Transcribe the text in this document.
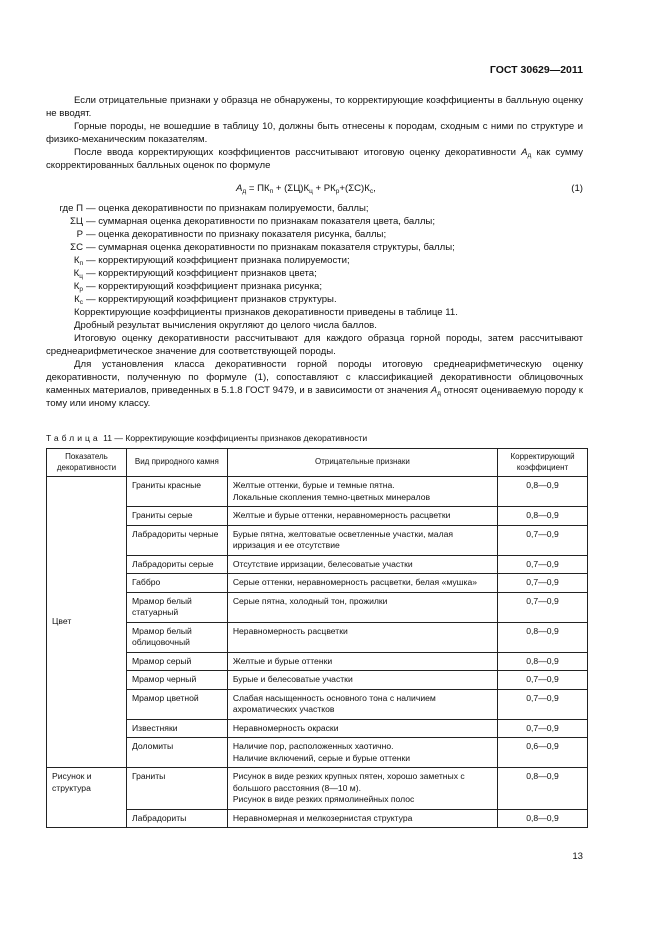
ГОСТ 30629—2011

Если отрицательные признаки у образца не обнаружены, то корректирующие коэффициенты в балльную оценку не вводят.

Горные породы, не вошедшие в таблицу 10, должны быть отнесены к породам, сходным с ними по структуре и физико-механическим показателям.

После ввода корректирующих коэффициентов рассчитывают итоговую оценку декоративности $А_д$ как сумму скорректированных балльных оценок по формуле

$А_д = ПК_п + (\Sigma Ц)К_ц + РК_р+(\Sigma С)К_с$,	(1)
где П — оценка декоративности по признакам полируемости, баллы;
ΣЦ — суммарная оценка декоративности по признакам показателя цвета, баллы;
Р — оценка декоративности по признаку показателя рисунка, баллы;
ΣС — суммарная оценка декоративности по признакам показателя структуры, баллы;
$К_п$ — корректирующий коэффициент признака полируемости;
$К_ц$ — корректирующий коэффициент признаков цвета;
$К_р$ — корректирующий коэффициент признака рисунка;
$К_с$ — корректирующий коэффициент признаков структуры.

Корректирующие коэффициенты признаков декоративности приведены в таблице 11.

Дробный результат вычисления округляют до целого числа баллов.

Итоговую оценку декоративности рассчитывают для каждого образца горной породы, затем рассчитывают среднеарифметическое значение для соответствующей породы.

Для установления класса декоративности горной породы итоговую среднеарифметическую оценку декоративности, полученную по формуле (1), сопоставляют с классификацией декоративности облицовочных каменных материалов, приведенных в 5.1.8 ГОСТ 9479, и в зависимости от значения $А_д$ относят оцениваемую породу к тому или иному классу.

Таблица 11 — Корректирующие коэффициенты признаков декоративности
Показатель декоративности	Вид природного камня	Отрицательные признаки	Корректирующий коэффициент
Цвет	Граниты красные	Желтые оттенки, бурые и темные пятна.
Локальные скопления темно-цветных минералов	0,8—0,9
	Граниты серые	Желтые и бурые оттенки, неравномерность расцветки	0,8—0,9
	Лабрадориты черные	Бурые пятна, желтоватые осветленные участки, малая ирризация и ее отсутствие	0,7—0,9
	Лабрадориты серые	Отсутствие ирризации, белесоватые участки	0,7—0,9
	Габбро	Серые оттенки, неравномерность расцветки, белая «мушка»	0,7—0,9
	Мрамор белый статуарный	Серые пятна, холодный тон, прожилки	0,7—0,9
	Мрамор белый облицовочный	Неравномерность расцветки	0,8—0,9
	Мрамор серый	Желтые и бурые оттенки	0,8—0,9
	Мрамор черный	Бурые и белесоватые участки	0,7—0,9
	Мрамор цветной	Слабая насыщенность основного тона с наличием ахроматических участков	0,7—0,9
	Известняки	Неравномерность окраски	0,7—0,9
	Доломиты	Наличие пор, расположенных хаотично.
Наличие включений, серые и бурые оттенки	0,6—0,9
Рисунок и структура	Граниты	Рисунок в виде резких крупных пятен, хорошо заметных с большого расстояния (8—10 м).
Рисунок в виде резких прямолинейных полос	0,8—0,9
	Лабрадориты	Неравномерная и мелкозернистая структура	0,8—0,9
13
